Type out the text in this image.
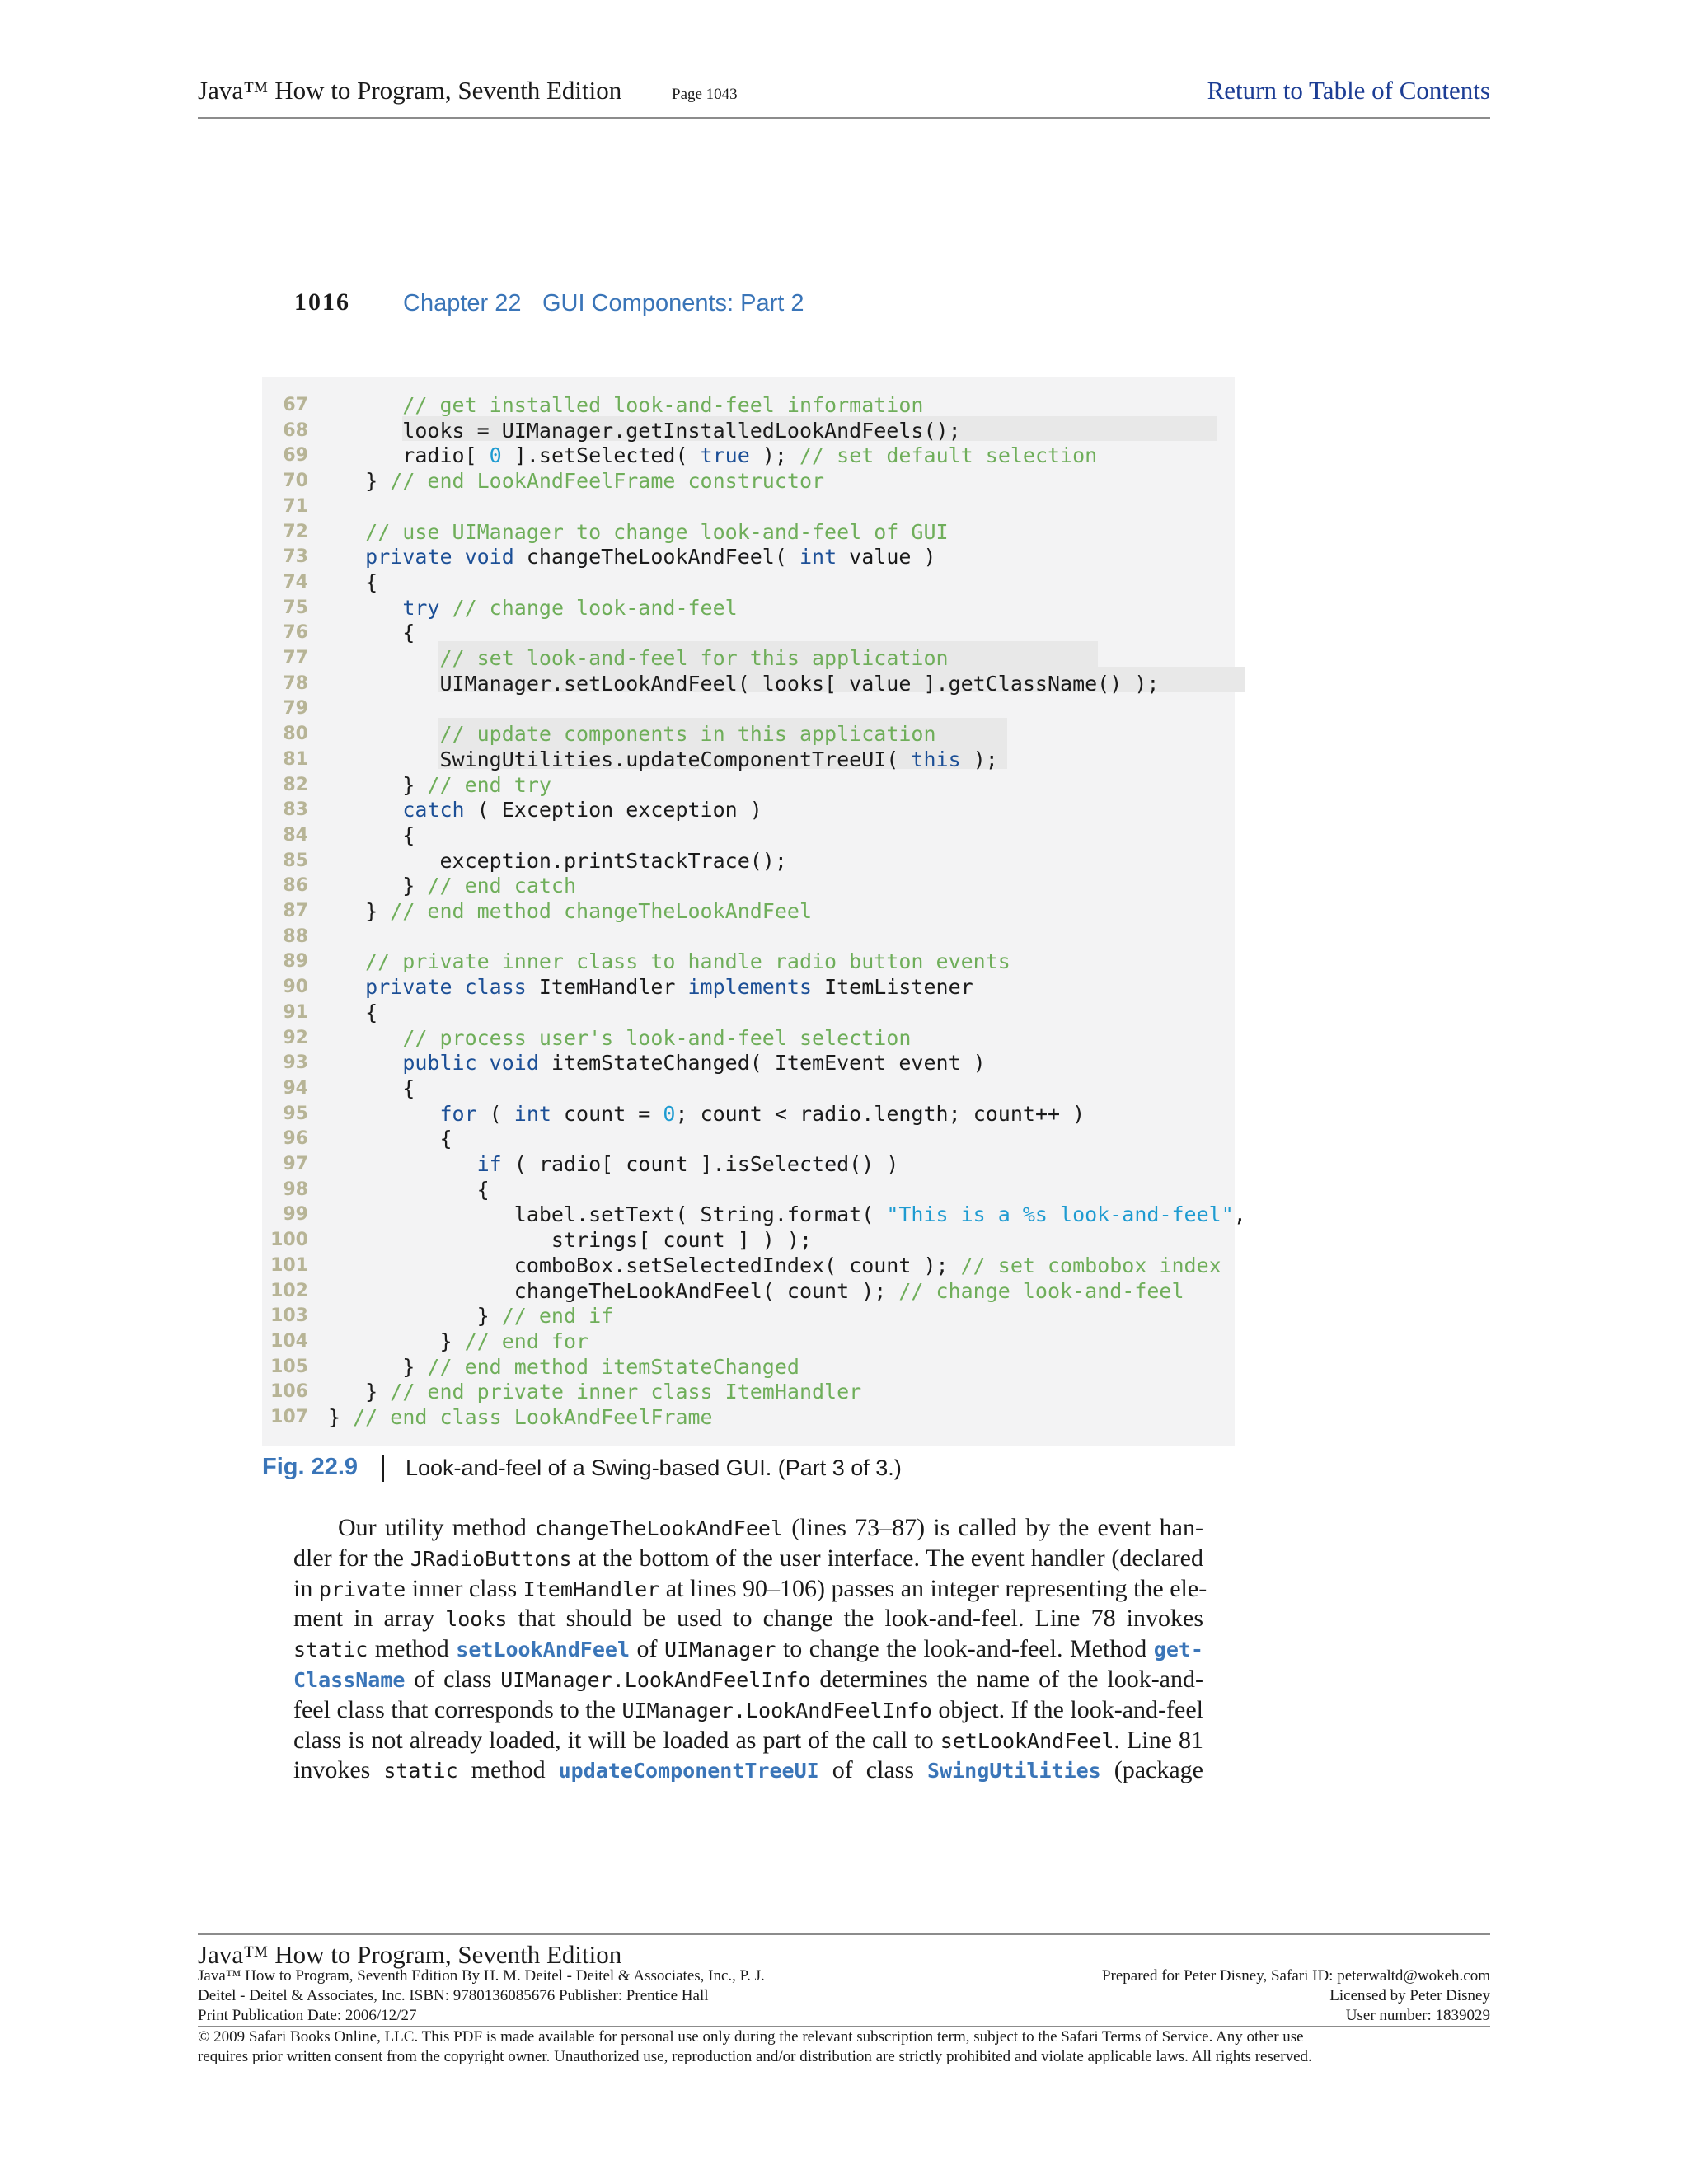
Java™ How to Program, Seventh Edition	Page 1043	Return to Table of Contents
1016 Chapter 22 GUI Components: Part 2
67	// get installed look-and-feel information
68 looks = UIManager.getInstalledLookAndFeels();
69 radio[ 0 ].setSelected( true ); // set default selection
70 } // end LookAndFeelFrame constructor
71
72	// use UIManager to change look-and-feel of GUI
73	private void changeTheLookAndFeel( int value )
74 {
75	try // change look-and-feel
76 {
77	// set look-and-feel for this application
78 UIManager.setLookAndFeel( looks[ value ].getClassName() );
79
80	// update components in this application
81 SwingUtilities.updateComponentTreeUI( this );
82 } // end try
83	catch ( Exception exception )
84 {
85 exception.printStackTrace();
86 } // end catch
87 } // end method changeTheLookAndFeel
88
89	// private inner class to handle radio button events
90	private class ItemHandler implements ItemListener
91 {
92	// process user's look-and-feel selection
93	public void itemStateChanged( ItemEvent event )
94 {
95	for ( int count = 0; count < radio.length; count++ )
96 {
97	if ( radio[ count ].isSelected() )
98 {
99 label.setText( String.format( "This is a %s look-and-feel",
100 strings[ count ] ) );
101 comboBox.setSelectedIndex( count ); // set combobox index
102 changeTheLookAndFeel( count ); // change look-and-feel
103 } // end if
104 } // end for
105 } // end method itemStateChanged
106 } // end private inner class ItemHandler
107 } // end class LookAndFeelFrame
Fig. 22.9 Look-and-feel of a Swing-based GUI. (Part 3 of 3.)
Our utility method changeTheLookAndFeel (lines 73–87) is called by the event han-
dler for the JRadioButtons at the bottom of the user interface. The event handler (declared
in private inner class ItemHandler at lines 90–106) passes an integer representing the ele-
ment in array looks that should be used to change the look-and-feel. Line 78 invokes
static method setLookAndFeel of UIManager to change the look-and-feel. Method get-
ClassName of class UIManager.LookAndFeelInfo determines the name of the look-and-
feel class that corresponds to the UIManager.LookAndFeelInfo object. If the look-and-feel
class is not already loaded, it will be loaded as part of the call to setLookAndFeel. Line 81
invokes static method updateComponentTreeUI of class SwingUtilities (package
Java™ How to Program, Seventh Edition
Java™ How to Program, Seventh Edition By H. M. Deitel - Deitel & Associates, Inc., P. J.
Deitel - Deitel & Associates, Inc. ISBN: 9780136085676 Publisher: Prentice Hall
Print Publication Date: 2006/12/27
Prepared for Peter Disney, Safari ID: peterwaltd@wokeh.com
Licensed by Peter Disney
User number: 1839029
© 2009 Safari Books Online, LLC. This PDF is made available for personal use only during the relevant subscription term, subject to the Safari Terms of Service. Any other use
requires prior written consent from the copyright owner. Unauthorized use, reproduction and/or distribution are strictly prohibited and violate applicable laws. All rights reserved.
